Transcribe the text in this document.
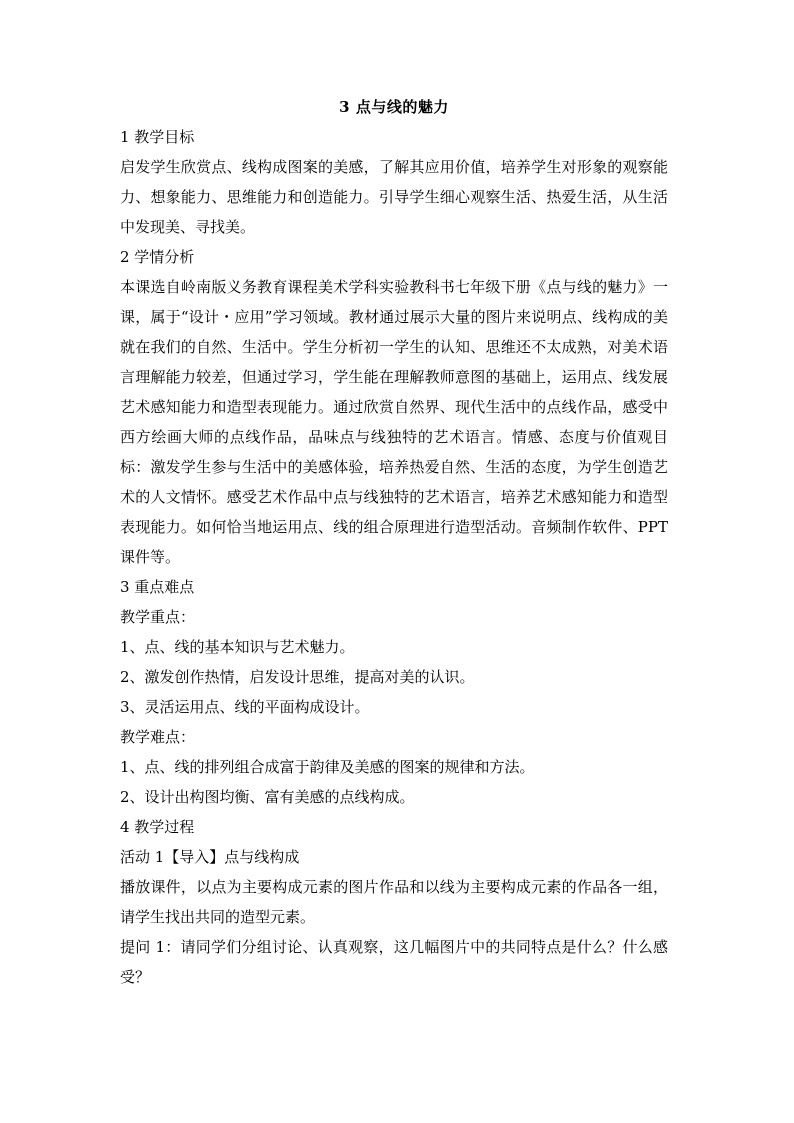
3 点与线的魅力

1 教学目标

启发学生欣赏点、线构成图案的美感，了解其应用价值，培养学生对形象的观察能力、想象能力、思维能力和创造能力。引导学生细心观察生活、热爱生活，从生活中发现美、寻找美。

2 学情分析

本课选自岭南版义务教育课程美术学科实验教科书七年级下册《点与线的魅力》一课，属于“设计・应用”学习领域。教材通过展示大量的图片来说明点、线构成的美就在我们的自然、生活中。学生分析初一学生的认知、思维还不太成熟，对美术语言理解能力较差，但通过学习，学生能在理解教师意图的基础上，运用点、线发展艺术感知能力和造型表现能力。通过欣赏自然界、现代生活中的点线作品，感受中西方绘画大师的点线作品，品味点与线独特的艺术语言。情感、态度与价值观目标：激发学生参与生活中的美感体验，培养热爱自然、生活的态度，为学生创造艺术的人文情怀。感受艺术作品中点与线独特的艺术语言，培养艺术感知能力和造型表现能力。如何恰当地运用点、线的组合原理进行造型活动。音频制作软件、PPT 课件等。

3 重点难点

教学重点：

1、点、线的基本知识与艺术魅力。

2、激发创作热情，启发设计思维，提高对美的认识。

3、灵活运用点、线的平面构成设计。

教学难点：

1、点、线的排列组合成富于韵律及美感的图案的规律和方法。

2、设计出构图均衡、富有美感的点线构成。

4 教学过程

活动 1【导入】点与线构成

播放课件，以点为主要构成元素的图片作品和以线为主要构成元素的作品各一组，请学生找出共同的造型元素。

提问 1：请同学们分组讨论、认真观察，这几幅图片中的共同特点是什么？什么感受？
